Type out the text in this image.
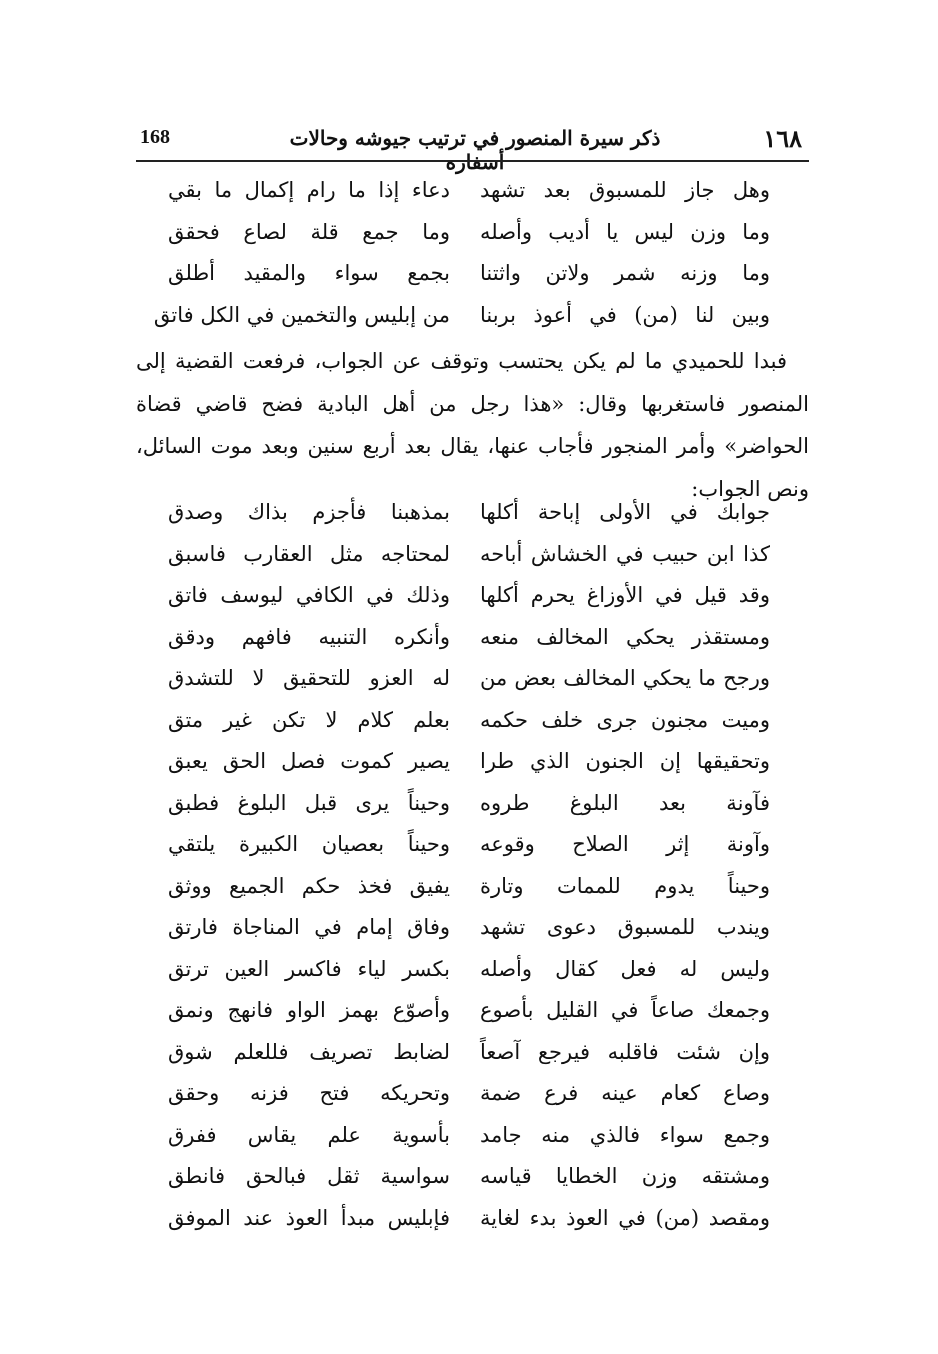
١٦٨
ذكر سيرة المنصور في ترتيب جيوشه وحالات أسفاره
168
وهل جاز للمسبوق بعد تشهد
دعاء إذا ما رام إكمال ما بقي
وما وزن ليس يا أديب وأصله
وما جمع قلة لصاع فحقق
وما وزنه شمر ولاتن واثتنا
بجمع سواء والمقيد أطلق
وبين لنا (من) في أعوذ بربنا
من إبليس والتخمين في الكل فاتق

فبدا للحميدي ما لم يكن يحتسب وتوقف عن الجواب، فرفعت القضية إلى المنصور فاستغربها وقال: «هذا رجل من أهل البادية فضح قاضي قضاة الحواضر» وأمر المنجور فأجاب عنها، يقال بعد أربع سنين وبعد موت السائل، ونص الجواب:

جوابك في الأولى إباحة أكلها
بمذهبنا فأجزم بذاك وصدق
كذا ابن حبيب في الخشاش أباحه
لمحتاجه مثل العقارب فاسبق
وقد قيل في الأوزاغ يحرم أكلها
وذلك في الكافي ليوسف فاتق
ومستقذر يحكي المخالف منعه
وأنكره التنبيه فافهم ودقق
ورجح ما يحكي المخالف بعض من
له العزو للتحقيق لا للتشدق
وميت مجنون جرى خلف حكمه
بعلم كلام لا تكن غير متق
وتحقيقها إن الجنون الذي طرا
يصير كموت فصل الحق يعبق
فآونة بعد البلوغ طروه
وحيناً يرى قبل البلوغ فطبق
وآونة إثر الصلاح وقوعه
وحيناً بعصيان الكبيرة يلتقي
وحيناً يدوم للممات وتارة
يفيق فخذ حكم الجميع ووثق
ويندب للمسبوق دعوى تشهد
وفاق إمام في المناجاة فارتق
وليس له فعل كقال وأصله
بكسر لياء فاكسر العين ترتق
وجمعك صاعاً في القليل بأصوع
وأصوّع بهمز الواو فانهج ونمق
وإن شئت فاقلبه فيرجع آصعاً
لضابط تصريف فللعلم شوق
وصاع كعام عينه فرع ضمة
وتحريكه فتح فزنه وحقق
وجمع سواء فالذي منه جامد
بأسوية علم يقاس ففرق
ومشتقه وزن الخطايا قياسه
سواسية ثقل فبالحق فانطق
ومقصد (من) في العوذ بدء لغاية
فإبليس مبدأ العوذ عند الموفق
